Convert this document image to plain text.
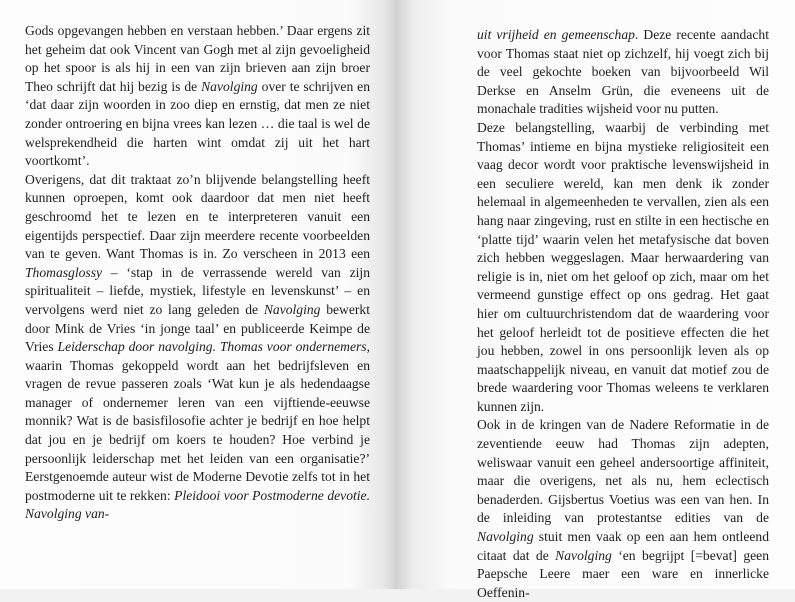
Gods opgevangen hebben en verstaan hebben.’ Daar ergens zit het geheim dat ook Vincent van Gogh met al zijn gevoeligheid op het spoor is als hij in een van zijn brieven aan zijn broer Theo schrijft dat hij bezig is de Navolging over te schrijven en ‘dat daar zijn woorden in zoo diep en ernstig, dat men ze niet zonder ontroering en bijna vrees kan lezen … die taal is wel de welsprekendheid die harten wint omdat zij uit het hart voortkomt’.

Overigens, dat dit traktaat zo’n blijvende belangstelling heeft kunnen oproepen, komt ook daardoor dat men niet heeft geschroomd het te lezen en te interpreteren vanuit een eigentijds perspectief. Daar zijn meerdere recente voorbeelden van te geven. Want Thomas is in. Zo verscheen in 2013 een Thomasglossy – ‘stap in de verrassende wereld van zijn spiritualiteit – liefde, mystiek, lifestyle en levenskunst’ – en vervolgens werd niet zo lang geleden de Navolging bewerkt door Mink de Vries ‘in jonge taal’ en publiceerde Keimpe de Vries Leiderschap door navolging. Thomas voor ondernemers, waarin Thomas gekoppeld wordt aan het bedrijfsleven en vragen de revue passeren zoals ‘Wat kun je als hedendaagse manager of ondernemer leren van een vijftiende-eeuwse monnik? Wat is de basisfilosofie achter je bedrijf en hoe helpt dat jou en je bedrijf om koers te houden? Hoe verbind je persoonlijk leiderschap met het leiden van een organisatie?’ Eerstgenoemde auteur wist de Moderne Devotie zelfs tot in het postmoderne uit te rekken: Pleidooi voor Postmoderne devotie. Navolging van-

uit vrijheid en gemeenschap. Deze recente aandacht voor Thomas staat niet op zichzelf, hij voegt zich bij de veel gekochte boeken van bijvoorbeeld Wil Derkse en Anselm Grün, die eveneens uit de monachale tradities wijsheid voor nu putten.

Deze belangstelling, waarbij de verbinding met Thomas’ intieme en bijna mystieke religiositeit een vaag decor wordt voor praktische levenswijsheid in een seculiere wereld, kan men denk ik zonder helemaal in algemeenheden te vervallen, zien als een hang naar zingeving, rust en stilte in een hectische en ‘platte tijd’ waarin velen het metafysische dat boven zich hebben weggeslagen. Maar herwaardering van religie is in, niet om het geloof op zich, maar om het vermeend gunstige effect op ons gedrag. Het gaat hier om cultuurchristendom dat de waardering voor het geloof herleidt tot de positieve effecten die het jou hebben, zowel in ons persoonlijk leven als op maatschappelijk niveau, en vanuit dat motief zou de brede waardering voor Thomas weleens te verklaren kunnen zijn.

Ook in de kringen van de Nadere Reformatie in de zeventiende eeuw had Thomas zijn adepten, weliswaar vanuit een geheel andersoortige affiniteit, maar die overigens, net als nu, hem eclectisch benaderden. Gijsbertus Voetius was een van hen. In de inleiding van protestantse edities van de Navolging stuit men vaak op een aan hem ontleend citaat dat de Navolging ‘en begrijpt [=bevat] geen Paepsche Leere maer een ware en innerlicke Oeffenin-
